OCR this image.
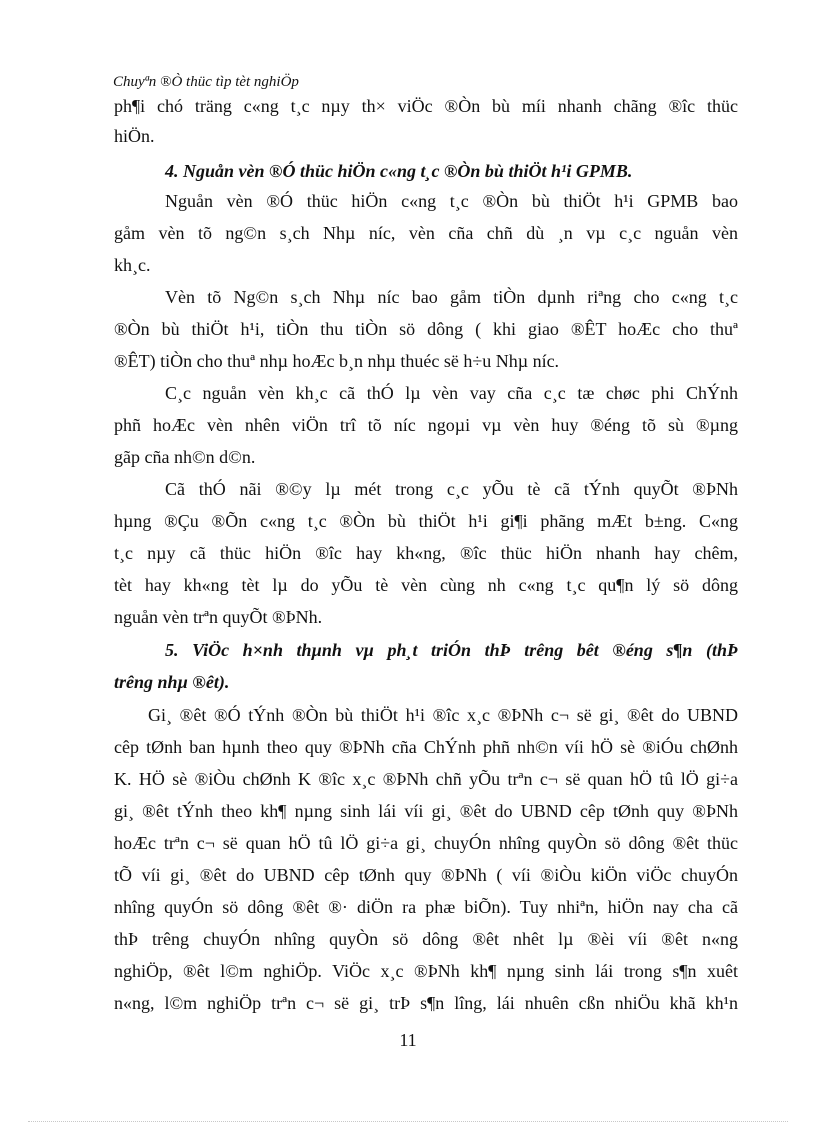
Chuyªn ®Ò thüc tìp tèt nghiÖp
ph¶i chó träng c«ng t¸c nµy th× viÖc ®Òn bù míi nhanh chãng ®îc thüc
hiÖn.
4. Nguån vèn ®Ó thüc hiÖn c«ng t¸c ®Òn bù thiÖt h¹i GPMB.
Nguån vèn ®Ó thüc hiÖn c«ng t¸c ®Òn bù thiÖt h¹i GPMB bao
gåm vèn tõ ng©n s¸ch Nhµ níc, vèn cña chñ dù ¸n vµ c¸c nguån vèn
kh¸c.
Vèn tõ Ng©n s¸ch Nhµ níc bao gåm tiÒn dµnh riªng cho c«ng t¸c
®Òn bù thiÖt h¹i, tiÒn thu tiÒn sö dông ( khi giao ®ÊT hoÆc cho thuª
®ÊT) tiÒn cho thuª nhµ hoÆc b¸n nhµ thuéc së h÷u Nhµ níc.
C¸c nguån vèn kh¸c cã thÓ lµ vèn vay cña c¸c tæ chøc phi ChÝnh
phñ hoÆc vèn nhên viÖn trî tõ níc ngoµi vµ vèn huy ®éng tõ sù ®µng
gãp cña nh©n d©n.
Cã thÓ nãi ®©y lµ mét trong c¸c yÕu tè cã tÝnh quyÕt ®ÞNh
hµng ®Çu ®Õn c«ng t¸c ®Òn bù thiÖt h¹i gi¶i phãng mÆt b±ng. C«ng
t¸c nµy cã thüc hiÖn ®îc hay kh«ng, ®îc thüc hiÖn nhanh hay chêm,
tèt hay kh«ng tèt lµ do yÕu tè vèn cùng nh c«ng t¸c qu¶n lý sö dông
nguån vèn trªn quyÕt ®ÞNh.
5. ViÖc h×nh thµnh vµ ph¸t triÓn thÞ trêng bêt ®éng s¶n (thÞ
trêng nhµ ®êt).
Gi¸ ®êt ®Ó tÝnh ®Òn bù thiÖt h¹i ®îc x¸c ®ÞNh c¬ së gi¸ ®êt do UBND
cêp tØnh ban hµnh theo quy ®ÞNh cña ChÝnh phñ nh©n víi hÖ sè ®iÓu chØnh
K. HÖ sè ®iÒu chØnh K ®îc x¸c ®ÞNh chñ yÕu trªn c¬ së quan hÖ tû lÖ gi÷a
gi¸ ®êt tÝnh theo kh¶ nµng sinh lái víi gi¸ ®êt do UBND cêp tØnh quy ®ÞNh
hoÆc trªn c¬ së quan hÖ tû lÖ gi÷a gi¸ chuyÓn nhîng quyÒn sö dông ®êt thüc
tÕ víi gi¸ ®êt do UBND cêp tØnh quy ®ÞNh ( víi ®iÒu kiÖn viÖc chuyÓn
nhîng quyÓn sö dông ®êt ®· diÖn ra phæ biÕn). Tuy nhiªn, hiÖn nay cha cã
thÞ trêng chuyÓn nhîng quyÒn sö dông ®êt nhêt lµ ®èi víi ®êt n«ng
nghiÖp, ®êt l©m nghiÖp. ViÖc x¸c ®ÞNh kh¶ nµng sinh lái trong s¶n xuêt
n«ng, l©m nghiÖp trªn c¬ së gi¸ trÞ s¶n lîng, lái nhuên cßn nhiÖu khã kh¹n
11
